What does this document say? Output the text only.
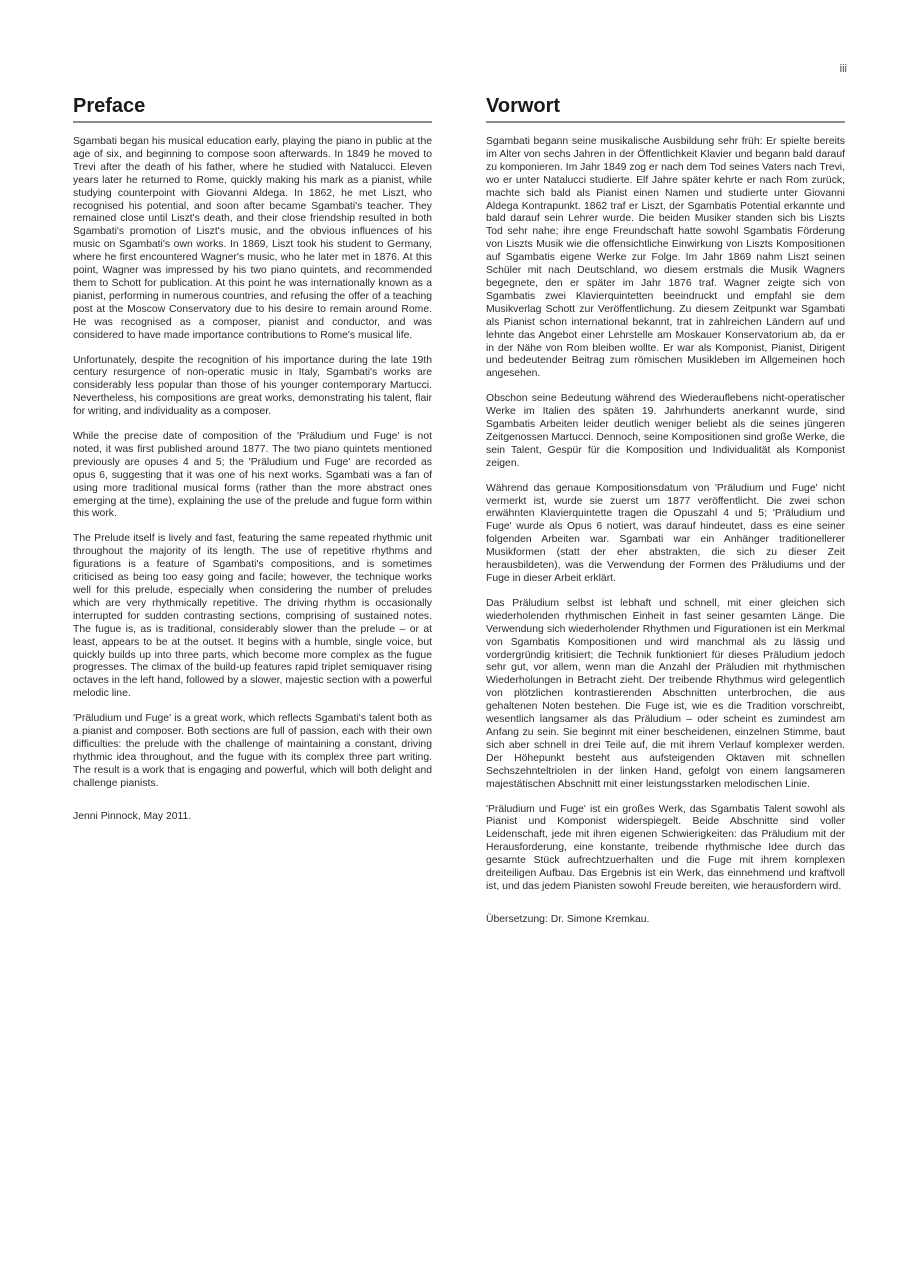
iii
Preface

Sgambati began his musical education early, playing the piano in public at the age of six, and beginning to compose soon afterwards. In 1849 he moved to Trevi after the death of his father, where he studied with Natalucci. Eleven years later he returned to Rome, quickly making his mark as a pianist, while studying counterpoint with Giovanni Aldega. In 1862, he met Liszt, who recognised his potential, and soon after became Sgambati's teacher. They remained close until Liszt's death, and their close friendship resulted in both Sgambati's promotion of Liszt's music, and the obvious influences of his music on Sgambati's own works. In 1869, Liszt took his student to Germany, where he first encountered Wagner's music, who he later met in 1876. At this point, Wagner was impressed by his two piano quintets, and recommended them to Schott for publication. At this point he was internationally known as a pianist, performing in numerous countries, and refusing the offer of a teaching post at the Moscow Conservatory due to his desire to remain around Rome. He was recognised as a composer, pianist and conductor, and was considered to have made importance contributions to Rome's musical life.

Unfortunately, despite the recognition of his importance during the late 19th century resurgence of non-operatic music in Italy, Sgambati's works are considerably less popular than those of his younger contemporary Martucci. Nevertheless, his compositions are great works, demonstrating his talent, flair for writing, and individuality as a composer.

While the precise date of composition of the 'Präludium und Fuge' is not noted, it was first published around 1877. The two piano quintets mentioned previously are opuses 4 and 5; the 'Präludium und Fuge' are recorded as opus 6, suggesting that it was one of his next works. Sgambati was a fan of using more traditional musical forms (rather than the more abstract ones emerging at the time), explaining the use of the prelude and fugue form within this work.

The Prelude itself is lively and fast, featuring the same repeated rhythmic unit throughout the majority of its length. The use of repetitive rhythms and figurations is a feature of Sgambati's compositions, and is sometimes criticised as being too easy going and facile; however, the technique works well for this prelude, especially when considering the number of preludes which are very rhythmically repetitive. The driving rhythm is occasionally interrupted for sudden contrasting sections, comprising of sustained notes. The fugue is, as is traditional, considerably slower than the prelude – or at least, appears to be at the outset. It begins with a humble, single voice, but quickly builds up into three parts, which become more complex as the fugue progresses. The climax of the build-up features rapid triplet semiquaver rising octaves in the left hand, followed by a slower, majestic section with a powerful melodic line.

'Präludium und Fuge' is a great work, which reflects Sgambati's talent both as a pianist and composer. Both sections are full of passion, each with their own difficulties: the prelude with the challenge of maintaining a constant, driving rhythmic idea throughout, and the fugue with its complex three part writing. The result is a work that is engaging and powerful, which will both delight and challenge pianists.

Jenni Pinnock, May 2011.

Vorwort

Sgambati begann seine musikalische Ausbildung sehr früh: Er spielte bereits im Alter von sechs Jahren in der Öffentlichkeit Klavier und begann bald darauf zu komponieren. Im Jahr 1849 zog er nach dem Tod seines Vaters nach Trevi, wo er unter Natalucci studierte. Elf Jahre später kehrte er nach Rom zurück, machte sich bald als Pianist einen Namen und studierte unter Giovanni Aldega Kontrapunkt. 1862 traf er Liszt, der Sgambatis Potential erkannte und bald darauf sein Lehrer wurde. Die beiden Musiker standen sich bis Liszts Tod sehr nahe; ihre enge Freundschaft hatte sowohl Sgambatis Förderung von Liszts Musik wie die offensichtliche Einwirkung von Liszts Kompositionen auf Sgambatis eigene Werke zur Folge. Im Jahr 1869 nahm Liszt seinen Schüler mit nach Deutschland, wo diesem erstmals die Musik Wagners begegnete, den er später im Jahr 1876 traf. Wagner zeigte sich von Sgambatis zwei Klavierquintetten beeindruckt und empfahl sie dem Musikverlag Schott zur Veröffentlichung. Zu diesem Zeitpunkt war Sgambati als Pianist schon international bekannt, trat in zahlreichen Ländern auf und lehnte das Angebot einer Lehrstelle am Moskauer Konservatorium ab, da er in der Nähe von Rom bleiben wollte. Er war als Komponist, Pianist, Dirigent und bedeutender Beitrag zum römischen Musikleben im Allgemeinen hoch angesehen.

Obschon seine Bedeutung während des Wiederauflebens nicht-operatischer Werke im Italien des späten 19. Jahrhunderts anerkannt wurde, sind Sgambatis Arbeiten leider deutlich weniger beliebt als die seines jüngeren Zeitgenossen Martucci. Dennoch, seine Kompositionen sind große Werke, die sein Talent, Gespür für die Komposition und Individualität als Komponist zeigen.

Während das genaue Kompositionsdatum von 'Präludium und Fuge' nicht vermerkt ist, wurde sie zuerst um 1877 veröffentlicht. Die zwei schon erwähnten Klavierquintette tragen die Opuszahl 4 und 5; 'Präludium und Fuge' wurde als Opus 6 notiert, was darauf hindeutet, dass es eine seiner folgenden Arbeiten war. Sgambati war ein Anhänger traditionellerer Musikformen (statt der eher abstrakten, die sich zu dieser Zeit herausbildeten), was die Verwendung der Formen des Präludiums und der Fuge in dieser Arbeit erklärt.

Das Präludium selbst ist lebhaft und schnell, mit einer gleichen sich wiederholenden rhythmischen Einheit in fast seiner gesamten Länge. Die Verwendung sich wiederholender Rhythmen und Figurationen ist ein Merkmal von Sgambatis Kompositionen und wird manchmal als zu lässig und vordergründig kritisiert; die Technik funktioniert für dieses Präludium jedoch sehr gut, vor allem, wenn man die Anzahl der Präludien mit rhythmischen Wiederholungen in Betracht zieht. Der treibende Rhythmus wird gelegentlich von plötzlichen kontrastierenden Abschnitten unterbrochen, die aus gehaltenen Noten bestehen. Die Fuge ist, wie es die Tradition vorschreibt, wesentlich langsamer als das Präludium – oder scheint es zumindest am Anfang zu sein. Sie beginnt mit einer bescheidenen, einzelnen Stimme, baut sich aber schnell in drei Teile auf, die mit ihrem Verlauf komplexer werden. Der Höhepunkt besteht aus aufsteigenden Oktaven mit schnellen Sechszehnteltriolen in der linken Hand, gefolgt von einem langsameren majestätischen Abschnitt mit einer leistungsstarken melodischen Linie.

'Präludium und Fuge' ist ein großes Werk, das Sgambatis Talent sowohl als Pianist und Komponist widerspiegelt. Beide Abschnitte sind voller Leidenschaft, jede mit ihren eigenen Schwierigkeiten: das Präludium mit der Herausforderung, eine konstante, treibende rhythmische Idee durch das gesamte Stück aufrechtzuerhalten und die Fuge mit ihrem komplexen dreiteiligen Aufbau. Das Ergebnis ist ein Werk, das einnehmend und kraftvoll ist, und das jedem Pianisten sowohl Freude bereiten, wie herausfordern wird.

Übersetzung: Dr. Simone Kremkau.
